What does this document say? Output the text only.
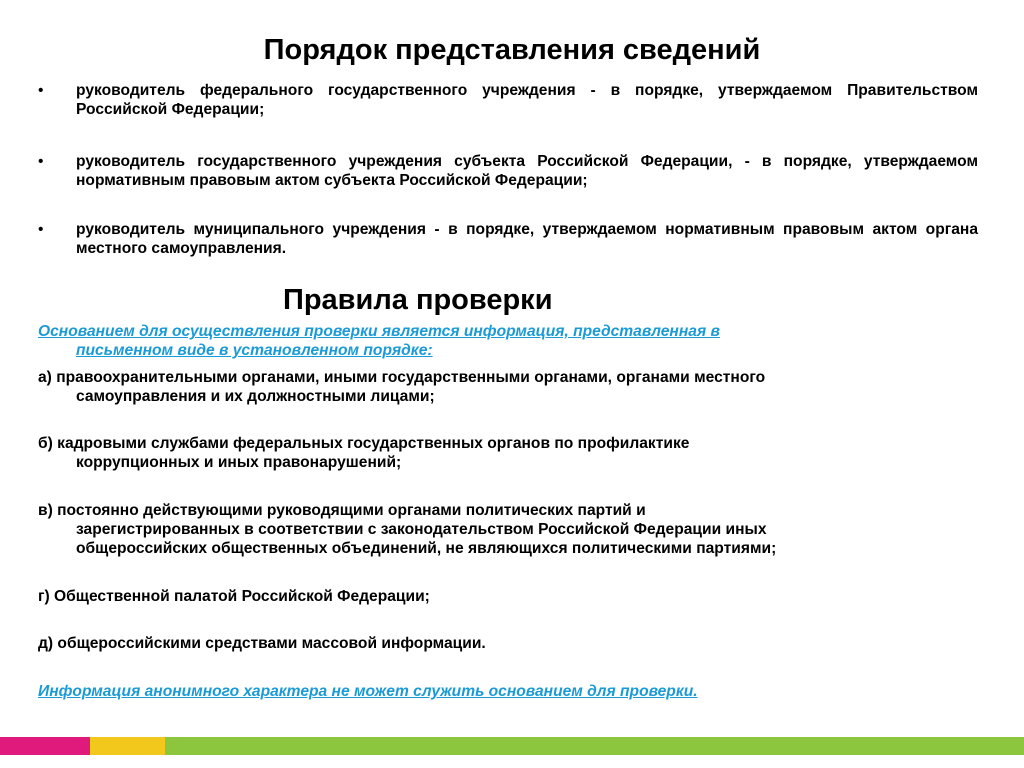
Порядок представления сведений
• руководитель федерального государственного учреждения - в порядке, утверждаемом Правительством Российской Федерации;
• руководитель государственного учреждения субъекта Российской Федерации, - в порядке, утверждаемом нормативным правовым актом субъекта Российской Федерации;
• руководитель муниципального учреждения - в порядке, утверждаемом нормативным правовым актом органа местного самоуправления.
Правила проверки
Основанием для осуществления проверки является информация, представленная в
письменном виде в установленном порядке:
а) правоохранительными органами, иными государственными органами, органами местного
самоуправления и их должностными лицами;
б) кадровыми службами федеральных государственных органов по профилактике
коррупционных и иных правонарушений;
в) постоянно действующими руководящими органами политических партий и
зарегистрированных в соответствии с законодательством Российской Федерации иных
общероссийских общественных объединений, не являющихся политическими партиями;
г) Общественной палатой Российской Федерации;
д) общероссийскими средствами массовой информации.
Информация анонимного характера не может служить основанием для проверки.
